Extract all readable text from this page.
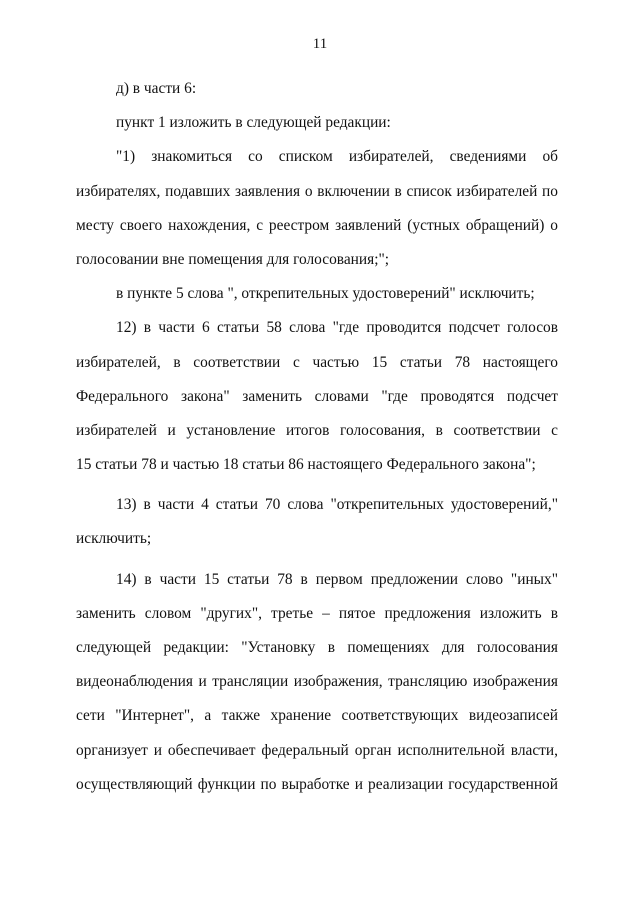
11
д) в части 6:
пункт 1 изложить в следующей редакции:
"1) знакомиться со списком избирателей, сведениями об
избирателях, подавших заявления о включении в список избирателей по
месту своего нахождения, с реестром заявлений (устных обращений) о
голосовании вне помещения для голосования;";
в пункте 5 слова ", открепительных удостоверений" исключить;
12) в части 6 статьи 58 слова "где проводится подсчет голосов
избирателей, в соответствии с частью 15 статьи 78 настоящего
Федерального закона" заменить словами "где проводятся подсчет
избирателей и установление итогов голосования, в соответствии с
15 статьи 78 и частью 18 статьи 86 настоящего Федерального закона";
13) в части 4 статьи 70 слова "открепительных удостоверений,"
исключить;
14) в части 15 статьи 78 в первом предложении слово "иных"
заменить словом "других", третье – пятое предложения изложить в
следующей редакции: "Установку в помещениях для голосования
видеонаблюдения и трансляции изображения, трансляцию изображения
сети "Интернет", а также хранение соответствующих видеозаписей
организует и обеспечивает федеральный орган исполнительной власти,
осуществляющий функции по выработке и реализации государственной
